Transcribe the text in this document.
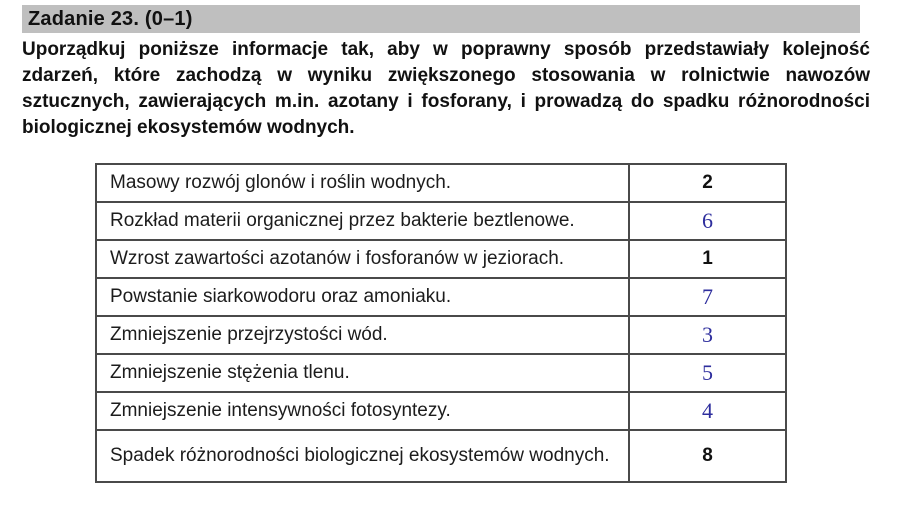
Zadanie 23. (0–1)
Uporządkuj poniższe informacje tak, aby w poprawny sposób przedstawiały kolejność zdarzeń, które zachodzą w wyniku zwiększonego stosowania w rolnictwie nawozów sztucznych, zawierających m.in. azotany i fosforany, i prowadzą do spadku różnorodności biologicznej ekosystemów wodnych.
Masowy rozwój glonów i roślin wodnych.	2
Rozkład materii organicznej przez bakterie beztlenowe.	6
Wzrost zawartości azotanów i fosforanów w jeziorach.	1
Powstanie siarkowodoru oraz amoniaku.	7
Zmniejszenie przejrzystości wód.	3
Zmniejszenie stężenia tlenu.	5
Zmniejszenie intensywności fotosyntezy.	4
Spadek różnorodności biologicznej ekosystemów wodnych.	8
